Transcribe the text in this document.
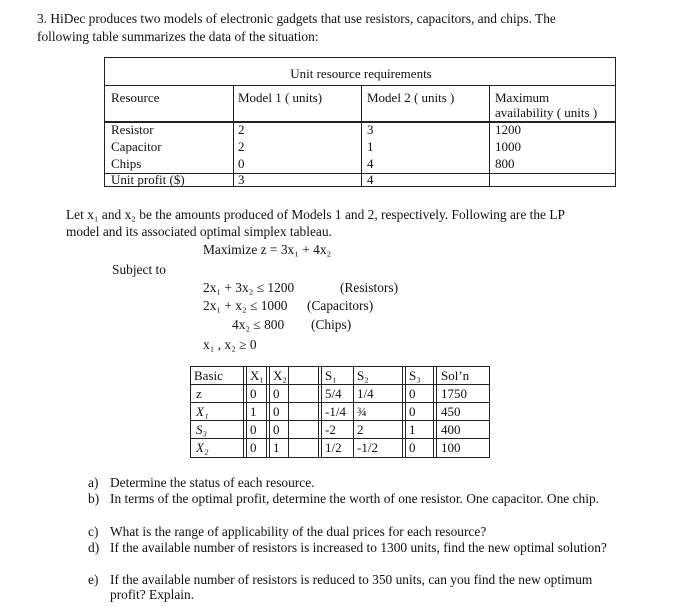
3. HiDec produces two models of electronic gadgets that use resistors, capacitors, and chips. The

following table summarizes the data of the situation:

Unit resource requirements
Resource	Model 1 ( units)	Model 2 ( units )	Maximum
availability ( units )
Resistor	2	3	1200
Capacitor	2	1	1000
Chips	0	4	800
Unit profit ($)	3	4
Let x₁ and x₂ be the amounts produced of Models 1 and 2, respectively. Following are the LP
model and its associated optimal simplex tableau.
Maximize z = 3x₁ + 4x₂
Subject to
2x₁ + 3x₂ ≤ 1200	(Resistors)
2x₁ + x₂ ≤ 1000 (Capacitors)
4x₂ ≤ 800 (Chips)
x₁ , x₂ ≥ 0
Basic X₁ X₂	S₁ S₂	S₃ Sol’n
z	0 0	5/4 1/4	0 1750
X₁	1 0	-1/4 ¾	0 450
S₃	0 0	-2 2	1 400
X₂	0 1	1/2 -1/2 0 100
a) Determine the status of each resource.
b) In terms of the optimal profit, determine the worth of one resistor. One capacitor. One chip.
c) What is the range of applicability of the dual prices for each resource?
d) If the available number of resistors is increased to 1300 units, find the new optimal solution?
e) If the available number of resistors is reduced to 350 units, can you find the new optimum profit? Explain.
